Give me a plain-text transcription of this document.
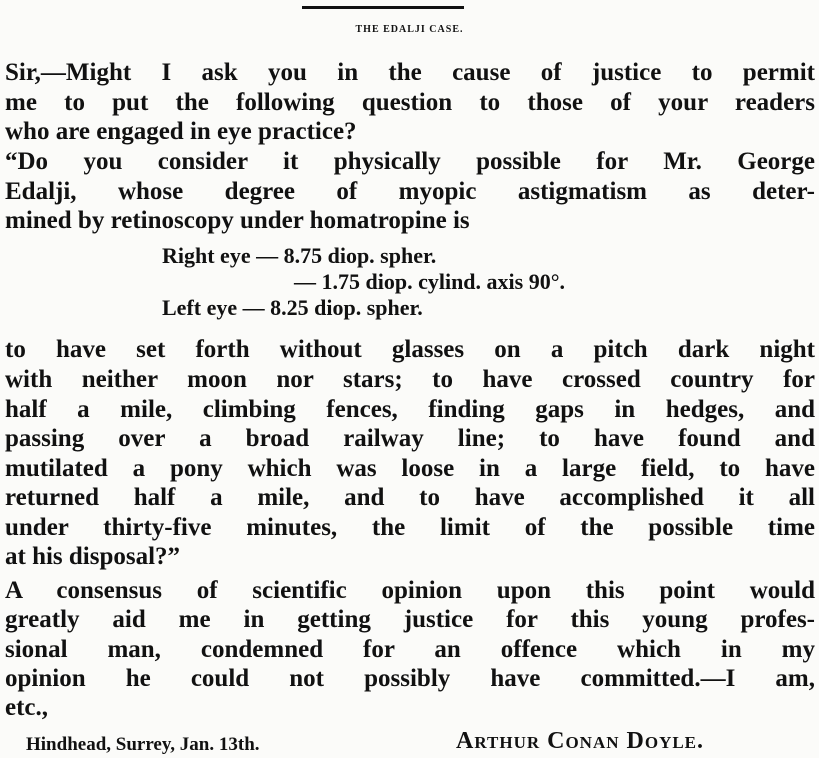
THE EDALJI CASE.
Sir,—Might I ask you in the cause of justice to permit
me to put the following question to those of your readers
who are engaged in eye practice?
“Do you consider it physically possible for Mr. George
Edalji, whose degree of myopic astigmatism as deter-
mined by retinoscopy under homatropine is
Right eye — 8.75 diop. spher.
— 1.75 diop. cylind. axis 90°.
Left eye — 8.25 diop. spher.
to have set forth without glasses on a pitch dark night
with neither moon nor stars; to have crossed country for
half a mile, climbing fences, finding gaps in hedges, and
passing over a broad railway line; to have found and
mutilated a pony which was loose in a large field, to have
returned half a mile, and to have accomplished it all
under thirty-five minutes, the limit of the possible time
at his disposal?”
A consensus of scientific opinion upon this point would
greatly aid me in getting justice for this young profes-
sional man, condemned for an offence which in my
opinion he could not possibly have committed.—I am,
etc.,
Hindhead, Surrey, Jan. 13th.	Arthur Conan Doyle.
